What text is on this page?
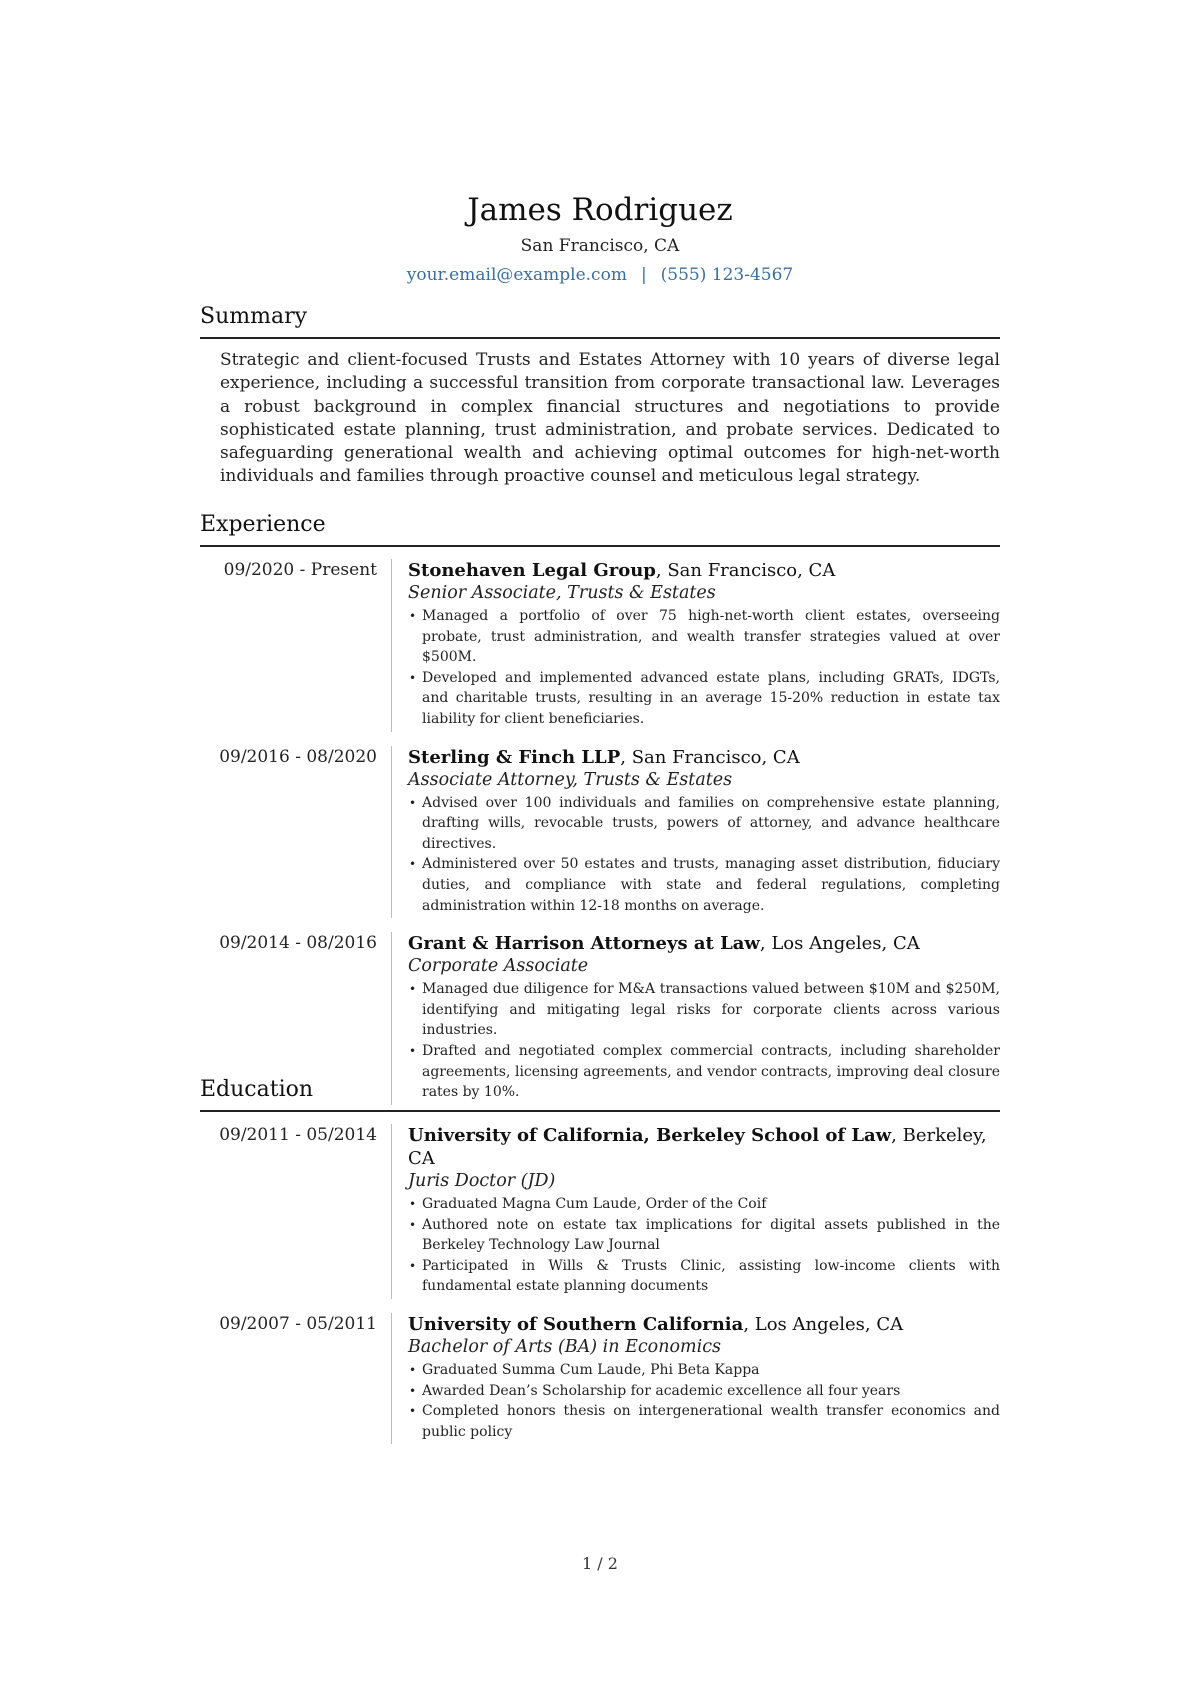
James Rodriguez
San Francisco, CA
your.email@example.com | (555) 123-4567
Summary
Strategic and client-focused Trusts and Estates Attorney with 10 years of diverse legal experience, including a successful transition from corporate transactional law. Leverages a robust background in complex financial structures and negotiations to provide sophisticated estate planning, trust administration, and probate services. Dedicated to safeguarding generational wealth and achieving optimal outcomes for high-net-worth individuals and families through proactive counsel and meticulous legal strategy.
Experience
09/2020 - Present	Stonehaven Legal Group, San Francisco, CA
Senior Associate, Trusts & Estates
• Managed a portfolio of over 75 high-net-worth client estates, overseeing probate, trust administration, and wealth transfer strategies valued at over $500M.
• Developed and implemented advanced estate plans, including GRATs, IDGTs, and charitable trusts, resulting in an average 15-20% reduction in estate tax liability for client beneficiaries.
09/2016 - 08/2020	Sterling & Finch LLP, San Francisco, CA
Associate Attorney, Trusts & Estates
• Advised over 100 individuals and families on comprehensive estate planning, drafting wills, revocable trusts, powers of attorney, and advance healthcare directives.
• Administered over 50 estates and trusts, managing asset distribution, fiduciary duties, and compliance with state and federal regulations, completing administration within 12-18 months on average.
09/2014 - 08/2016	Grant & Harrison Attorneys at Law, Los Angeles, CA
Corporate Associate
• Managed due diligence for M&A transactions valued between $10M and $250M, identifying and mitigating legal risks for corporate clients across various industries.
• Drafted and negotiated complex commercial contracts, including shareholder agreements, licensing agreements, and vendor contracts, improving deal closure rates by 10%.
Education
09/2011 - 05/2014	University of California, Berkeley School of Law, Berkeley, CA
Juris Doctor (JD)
• Graduated Magna Cum Laude, Order of the Coif
• Authored note on estate tax implications for digital assets published in the Berkeley Technology Law Journal
• Participated in Wills & Trusts Clinic, assisting low-income clients with fundamental estate planning documents
09/2007 - 05/2011	University of Southern California, Los Angeles, CA
Bachelor of Arts (BA) in Economics
• Graduated Summa Cum Laude, Phi Beta Kappa
• Awarded Dean’s Scholarship for academic excellence all four years
• Completed honors thesis on intergenerational wealth transfer economics and public policy
1 / 2
